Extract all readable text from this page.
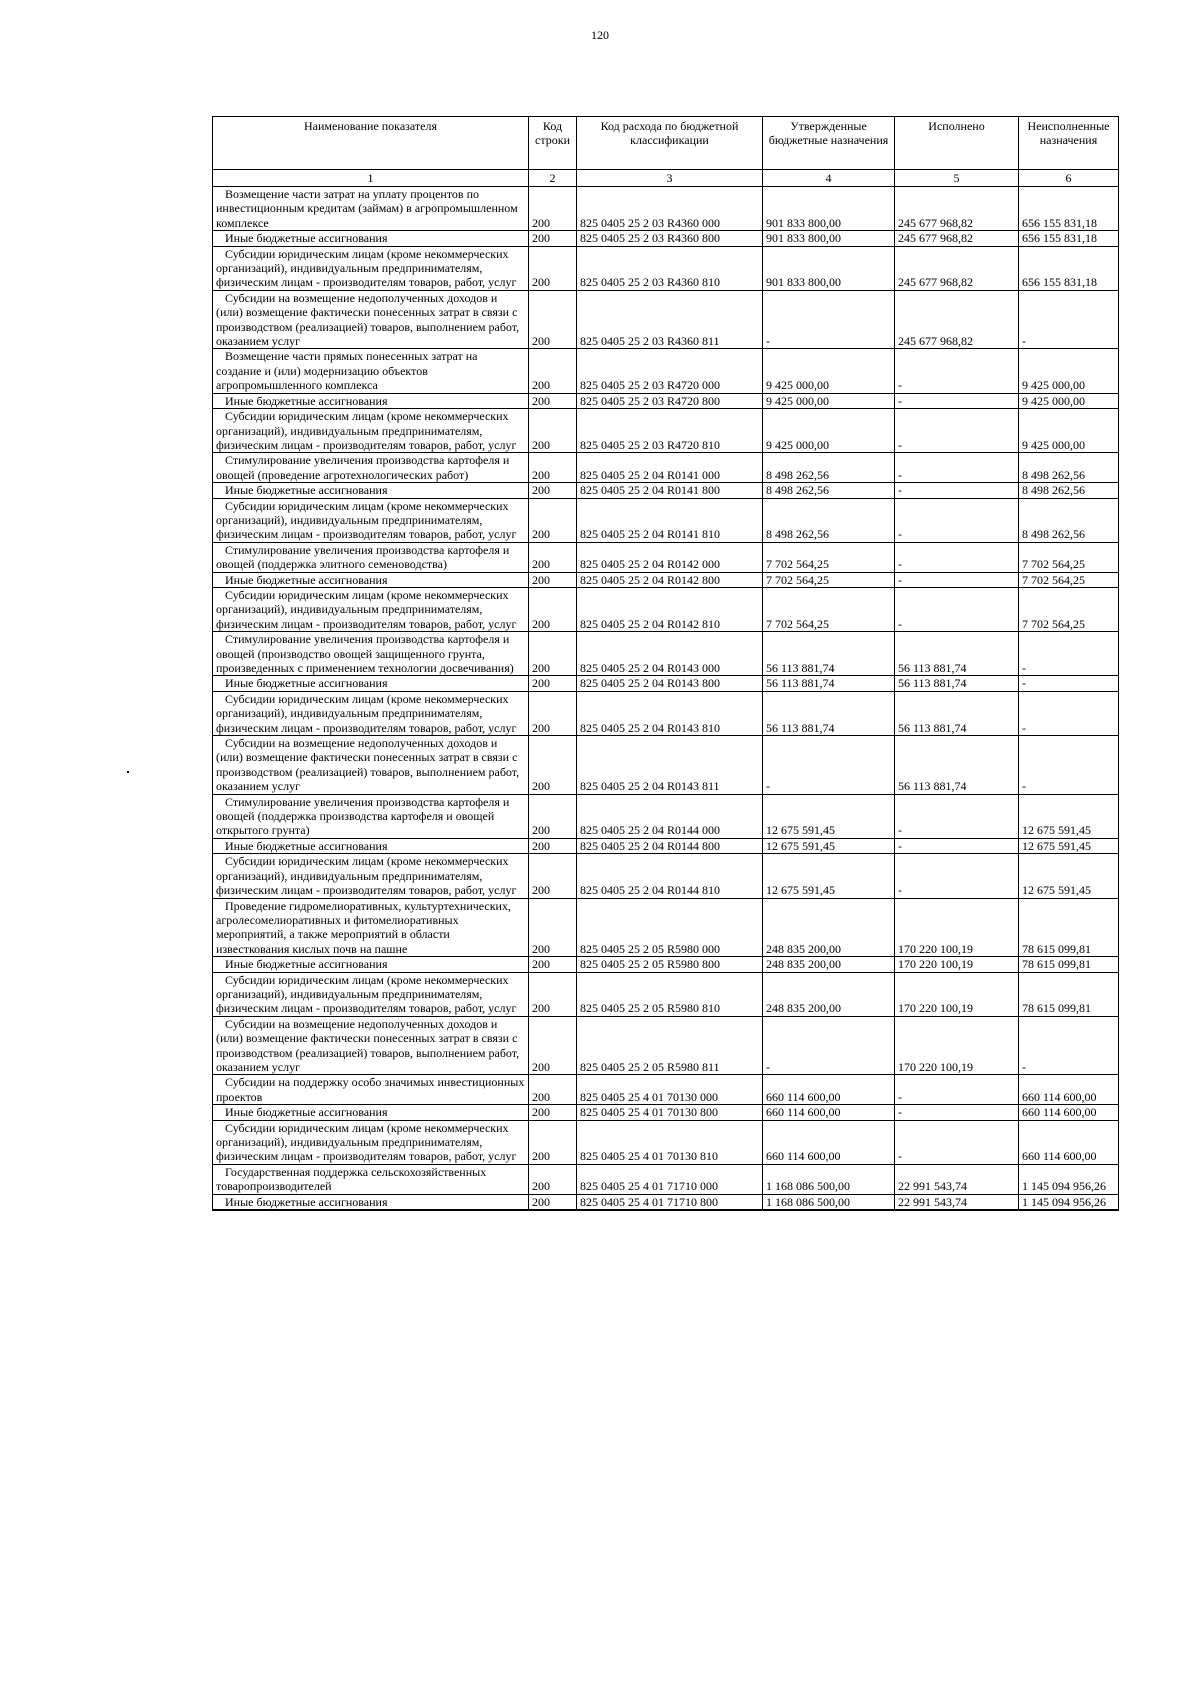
120
Наименование показателя	Код строки	Код расхода по бюджетной классификации	Утвержденные бюджетные назначения	Исполнено	Неисполненные назначения
1	2	3	4	5	6

Возмещение части затрат на уплату процентов по инвестиционным кредитам (займам) в агропромышленном комплексе	200	825 0405 25 2 03 R4360 000	901 833 800,00	245 677 968,82	656 155 831,18

Иные бюджетные ассигнования	200	825 0405 25 2 03 R4360 800	901 833 800,00	245 677 968,82	656 155 831,18

Субсидии юридическим лицам (кроме некоммерческих организаций), индивидуальным предпринимателям, физическим лицам - производителям товаров, работ, услуг	200	825 0405 25 2 03 R4360 810	901 833 800,00	245 677 968,82	656 155 831,18

Субсидии на возмещение недополученных доходов и (или) возмещение фактически понесенных затрат в связи с производством (реализацией) товаров, выполнением работ, оказанием услуг	200	825 0405 25 2 03 R4360 811	-	245 677 968,82	-

Возмещение части прямых понесенных затрат на создание и (или) модернизацию объектов агропромышленного комплекса	200	825 0405 25 2 03 R4720 000	9 425 000,00	-	9 425 000,00

Иные бюджетные ассигнования	200	825 0405 25 2 03 R4720 800	9 425 000,00	-	9 425 000,00

Субсидии юридическим лицам (кроме некоммерческих организаций), индивидуальным предпринимателям, физическим лицам - производителям товаров, работ, услуг	200	825 0405 25 2 03 R4720 810	9 425 000,00	-	9 425 000,00

Стимулирование увеличения производства картофеля и овощей (проведение агротехнологических работ)	200	825 0405 25 2 04 R0141 000	8 498 262,56	-	8 498 262,56

Иные бюджетные ассигнования	200	825 0405 25 2 04 R0141 800	8 498 262,56	-	8 498 262,56

Субсидии юридическим лицам (кроме некоммерческих организаций), индивидуальным предпринимателям, физическим лицам - производителям товаров, работ, услуг	200	825 0405 25 2 04 R0141 810	8 498 262,56	-	8 498 262,56

Стимулирование увеличения производства картофеля и овощей (поддержка элитного семеноводства)	200	825 0405 25 2 04 R0142 000	7 702 564,25	-	7 702 564,25

Иные бюджетные ассигнования	200	825 0405 25 2 04 R0142 800	7 702 564,25	-	7 702 564,25

Субсидии юридическим лицам (кроме некоммерческих организаций), индивидуальным предпринимателям, физическим лицам - производителям товаров, работ, услуг	200	825 0405 25 2 04 R0142 810	7 702 564,25	-	7 702 564,25

Стимулирование увеличения производства картофеля и овощей (производство овощей защищенного грунта, произведенных с применением технологии досвечивания)	200	825 0405 25 2 04 R0143 000	56 113 881,74	56 113 881,74	-

Иные бюджетные ассигнования	200	825 0405 25 2 04 R0143 800	56 113 881,74	56 113 881,74	-

Субсидии юридическим лицам (кроме некоммерческих организаций), индивидуальным предпринимателям, физическим лицам - производителям товаров, работ, услуг	200	825 0405 25 2 04 R0143 810	56 113 881,74	56 113 881,74	-

Субсидии на возмещение недополученных доходов и (или) возмещение фактически понесенных затрат в связи с производством (реализацией) товаров, выполнением работ, оказанием услуг	200	825 0405 25 2 04 R0143 811	-	56 113 881,74	-

Стимулирование увеличения производства картофеля и овощей (поддержка производства картофеля и овощей открытого грунта)	200	825 0405 25 2 04 R0144 000	12 675 591,45	-	12 675 591,45

Иные бюджетные ассигнования	200	825 0405 25 2 04 R0144 800	12 675 591,45	-	12 675 591,45

Субсидии юридическим лицам (кроме некоммерческих организаций), индивидуальным предпринимателям, физическим лицам - производителям товаров, работ, услуг	200	825 0405 25 2 04 R0144 810	12 675 591,45	-	12 675 591,45

Проведение гидромелиоративных, культуртехнических, агролесомелиоративных и фитомелиоративных мероприятий, а также мероприятий в области известкования кислых почв на пашне	200	825 0405 25 2 05 R5980 000	248 835 200,00	170 220 100,19	78 615 099,81

Иные бюджетные ассигнования	200	825 0405 25 2 05 R5980 800	248 835 200,00	170 220 100,19	78 615 099,81

Субсидии юридическим лицам (кроме некоммерческих организаций), индивидуальным предпринимателям, физическим лицам - производителям товаров, работ, услуг	200	825 0405 25 2 05 R5980 810	248 835 200,00	170 220 100,19	78 615 099,81

Субсидии на возмещение недополученных доходов и (или) возмещение фактически понесенных затрат в связи с производством (реализацией) товаров, выполнением работ, оказанием услуг	200	825 0405 25 2 05 R5980 811	-	170 220 100,19	-

Субсидии на поддержку особо значимых инвестиционных проектов	200	825 0405 25 4 01 70130 000	660 114 600,00	-	660 114 600,00

Иные бюджетные ассигнования	200	825 0405 25 4 01 70130 800	660 114 600,00	-	660 114 600,00

Субсидии юридическим лицам (кроме некоммерческих организаций), индивидуальным предпринимателям, физическим лицам - производителям товаров, работ, услуг	200	825 0405 25 4 01 70130 810	660 114 600,00	-	660 114 600,00

Государственная поддержка сельскохозяйственных товаропроизводителей	200	825 0405 25 4 01 71710 000	1 168 086 500,00	22 991 543,74	1 145 094 956,26

Иные бюджетные ассигнования	200	825 0405 25 4 01 71710 800	1 168 086 500,00	22 991 543,74	1 145 094 956,26
